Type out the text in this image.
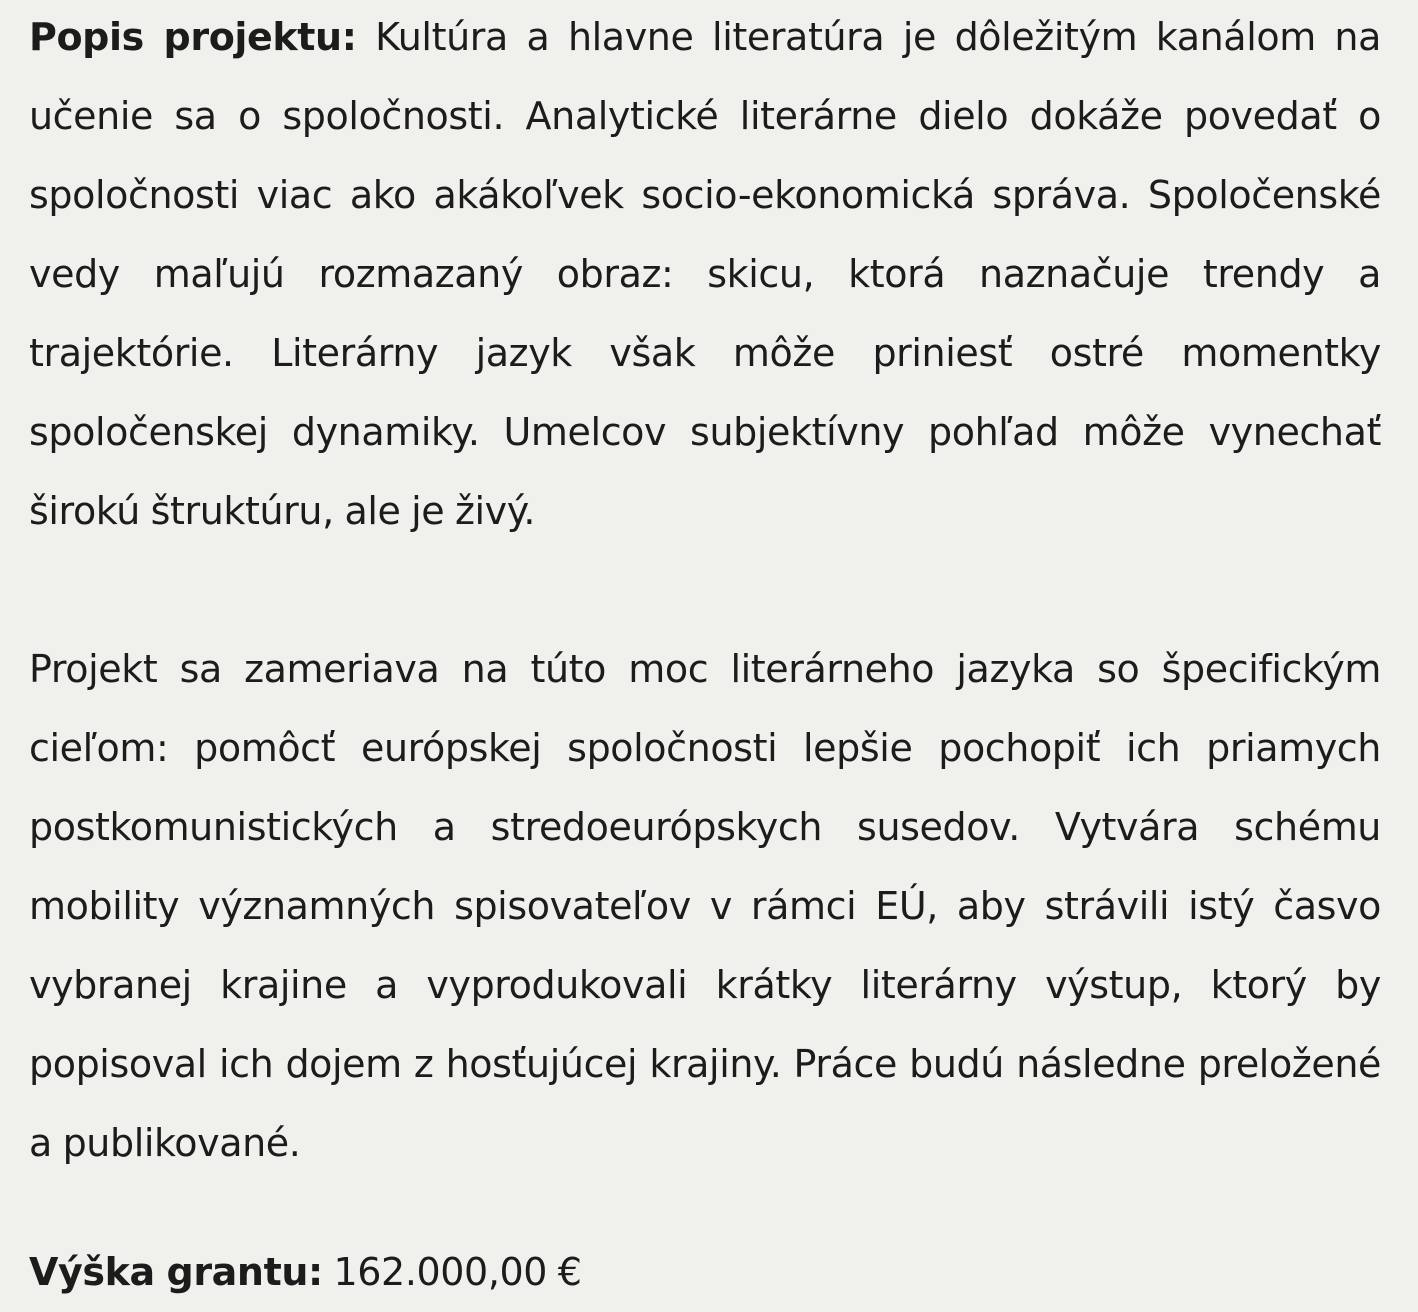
Popis projektu: Kultúra a hlavne literatúra je dôležitým kanálom na učenie sa o spoločnosti. Analytické literárne dielo dokáže povedať o spoločnosti viac ako akákoľvek socio-ekonomická správa. Spoločenské vedy maľujú rozmazaný obraz: skicu, ktorá naznačuje trendy a trajektórie. Literárny jazyk však môže priniesť ostré momentky spoločenskej dynamiky. Umelcov subjektívny pohľad môže vynechať širokú štruktúru, ale je živý.

Projekt sa zameriava na túto moc literárneho jazyka so špecifickým cieľom: pomôcť európskej spoločnosti lepšie pochopiť ich priamych postkomunistických a stredoeurópskych susedov. Vytvára schému mobility významných spisovateľov v rámci EÚ, aby strávili istý časvo vybranej krajine a vyprodukovali krátky literárny výstup, ktorý by popisoval ich dojem z hosťujúcej krajiny. Práce budú následne preložené a publikované.

Výška grantu: 162.000,00 €
